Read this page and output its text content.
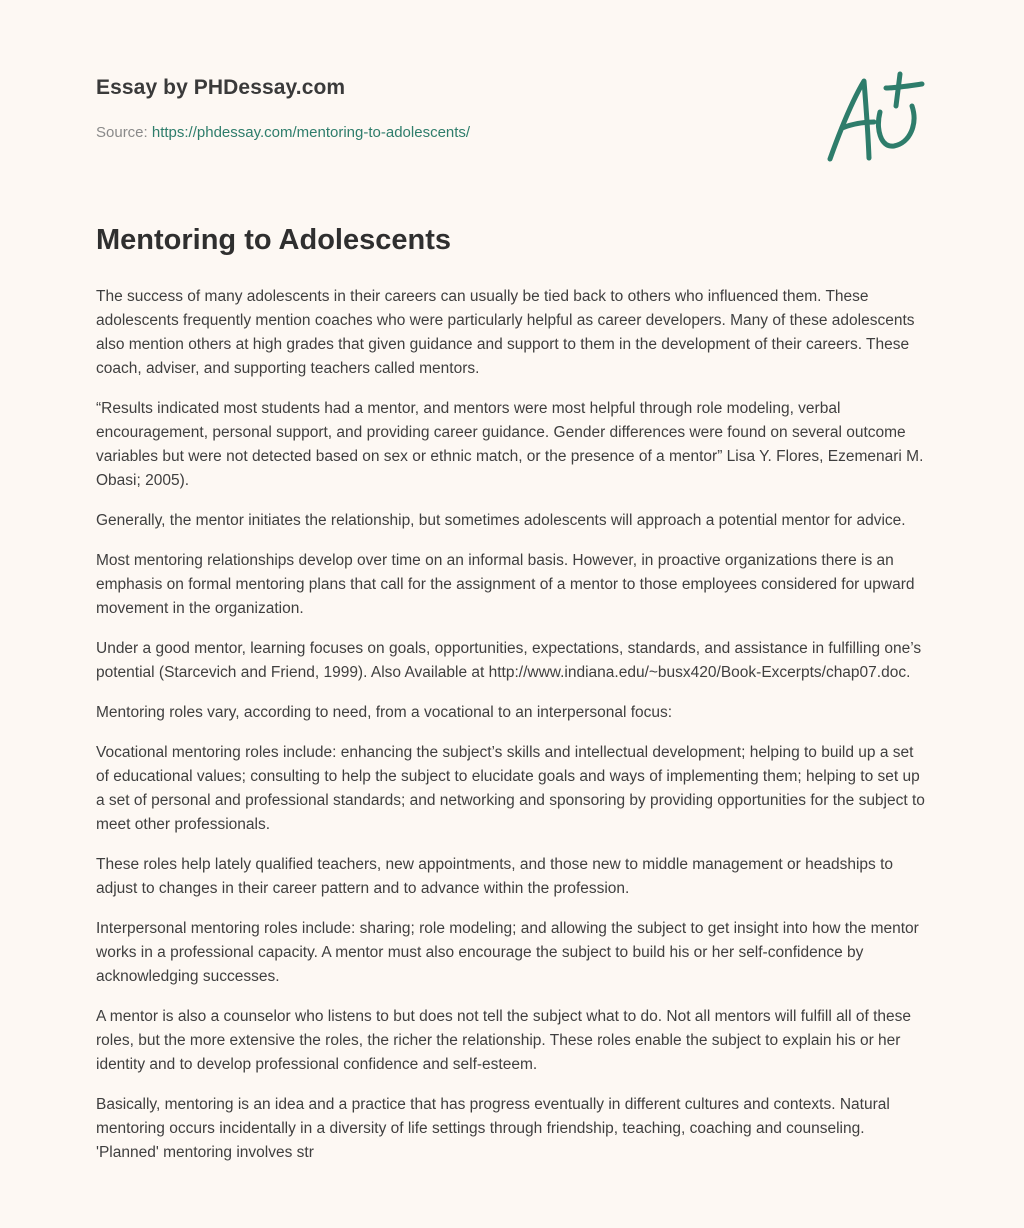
Essay by PHDessay.com

Source: https://phdessay.com/mentoring-to-adolescents/

Mentoring to Adolescents

The success of many adolescents in their careers can usually be tied back to others who influenced them. These adolescents frequently mention coaches who were particularly helpful as career developers. Many of these adolescents also mention others at high grades that given guidance and support to them in the development of their careers. These coach, adviser, and supporting teachers called mentors.

“Results indicated most students had a mentor, and mentors were most helpful through role modeling, verbal encouragement, personal support, and providing career guidance. Gender differences were found on several outcome variables but were not detected based on sex or ethnic match, or the presence of a mentor” Lisa Y. Flores, Ezemenari M. Obasi; 2005).

Generally, the mentor initiates the relationship, but sometimes adolescents will approach a potential mentor for advice.

Most mentoring relationships develop over time on an informal basis. However, in proactive organizations there is an emphasis on formal mentoring plans that call for the assignment of a mentor to those employees considered for upward movement in the organization.

Under a good mentor, learning focuses on goals, opportunities, expectations, standards, and assistance in fulfilling one’s potential (Starcevich and Friend, 1999). Also Available at http://www.indiana.edu/~busx420/Book-Excerpts/chap07.doc.

Mentoring roles vary, according to need, from a vocational to an interpersonal focus:

Vocational mentoring roles include: enhancing the subject’s skills and intellectual development; helping to build up a set of educational values; consulting to help the subject to elucidate goals and ways of implementing them; helping to set up a set of personal and professional standards; and networking and sponsoring by providing opportunities for the subject to meet other professionals.

These roles help lately qualified teachers, new appointments, and those new to middle management or headships to adjust to changes in their career pattern and to advance within the profession.

Interpersonal mentoring roles include: sharing; role modeling; and allowing the subject to get insight into how the mentor works in a professional capacity. A mentor must also encourage the subject to build his or her self-confidence by acknowledging successes.

A mentor is also a counselor who listens to but does not tell the subject what to do. Not all mentors will fulfill all of these roles, but the more extensive the roles, the richer the relationship. These roles enable the subject to explain his or her identity and to develop professional confidence and self-esteem.

Basically, mentoring is an idea and a practice that has progress eventually in different cultures and contexts. Natural mentoring occurs incidentally in a diversity of life settings through friendship, teaching, coaching and counseling. 'Planned' mentoring involves str
